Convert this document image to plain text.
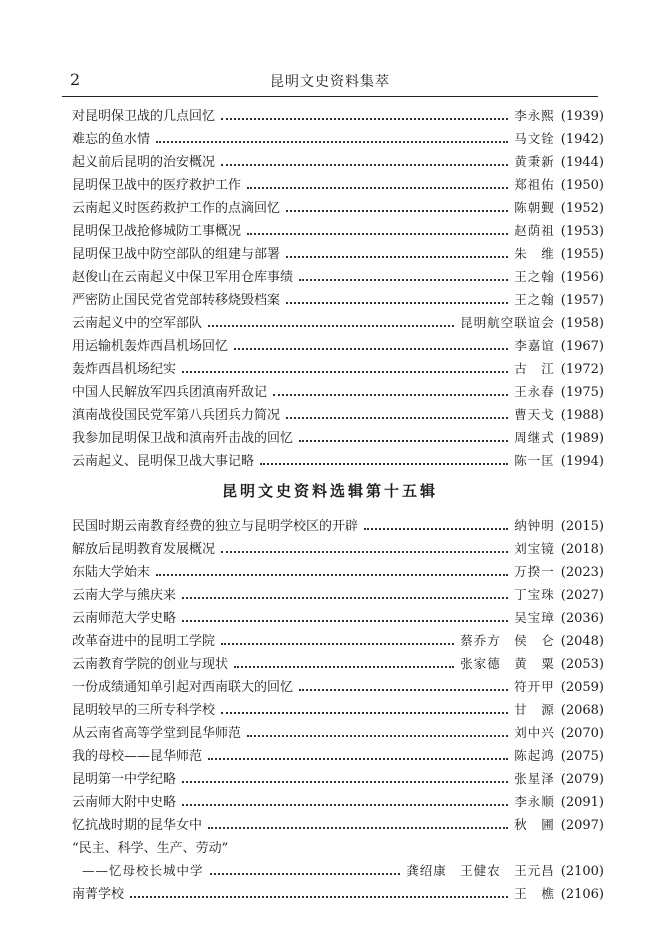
2	昆明文史资料集萃
对昆明保卫战的几点回忆	李永熙 (1939)
难忘的鱼水情	马文铨 (1942)
起义前后昆明的治安概况	黄秉新 (1944)
昆明保卫战中的医疗救护工作	郑祖佑 (1950)
云南起义时医药救护工作的点滴回忆	陈朝觐 (1952)
昆明保卫战抢修城防工事概况	赵荫祖 (1953)
昆明保卫战中防空部队的组建与部署	朱　维 (1955)
赵俊山在云南起义中保卫军用仓库事绩	王之翰 (1956)
严密防止国民党省党部转移烧毁档案	王之翰 (1957)
云南起义中的空军部队	昆明航空联谊会 (1958)
用运输机轰炸西昌机场回忆	李嘉谊 (1967)
轰炸西昌机场纪实	古　江 (1972)
中国人民解放军四兵团滇南歼敌记	王永春 (1975)
滇南战役国民党军第八兵团兵力简况	曹天戈 (1988)
我参加昆明保卫战和滇南歼击战的回忆	周继式 (1989)
云南起义、昆明保卫战大事记略	陈一匡 (1994)
昆明文史资料选辑第十五辑
民国时期云南教育经费的独立与昆明学校区的开辟	纳钟明 (2015)
解放后昆明教育发展概况	刘宝镜 (2018)
东陆大学始末	万揆一 (2023)
云南大学与熊庆来	丁宝珠 (2027)
云南师范大学史略	吴宝璋 (2036)
改革奋进中的昆明工学院	蔡乔方　侯　仑 (2048)
云南教育学院的创业与现状	张家德　黄　粟 (2053)
一份成绩通知单引起对西南联大的回忆	符开甲 (2059)
昆明较早的三所专科学校	甘　源 (2068)
从云南省高等学堂到昆华师范	刘中兴 (2070)
我的母校——昆华师范	陈起鸿 (2075)
昆明第一中学纪略	张星泽 (2079)
云南师大附中史略	李永顺 (2091)
忆抗战时期的昆华女中	秋　圃 (2097)
“民主、科学、生产、劳动”
——忆母校长城中学	龚绍康　王健农　王元昌 (2100)
南菁学校	王　樵 (2106)
